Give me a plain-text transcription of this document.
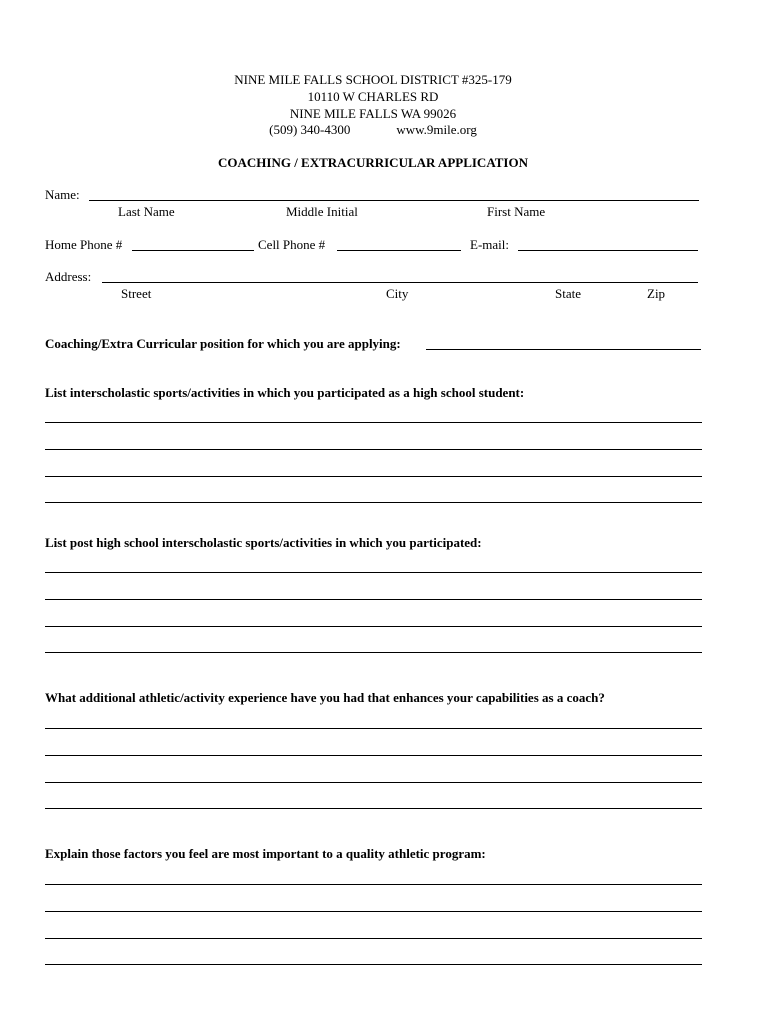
NINE MILE FALLS SCHOOL DISTRICT #325-179
10110 W CHARLES RD
NINE MILE FALLS WA 99026
(509) 340-4300	www.9mile.org
COACHING / EXTRACURRICULAR APPLICATION
Name:
Last Name	Middle Initial	First Name
Home Phone #	Cell Phone #	E-mail:
Address:
Street	City	State	Zip
Coaching/Extra Curricular position for which you are applying:
List interscholastic sports/activities in which you participated as a high school student:
List post high school interscholastic sports/activities in which you participated:
What additional athletic/activity experience have you had that enhances your capabilities as a coach?
Explain those factors you feel are most important to a quality athletic program:
